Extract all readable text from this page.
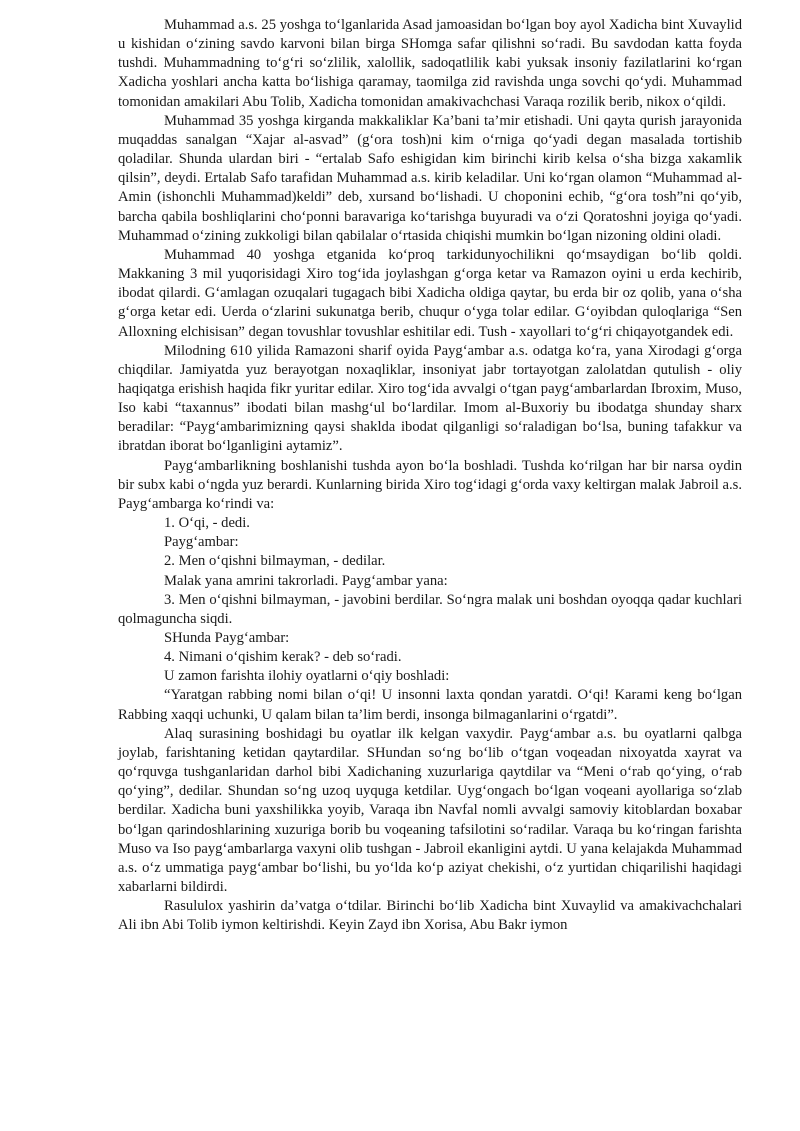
Muhammad a.s. 25 yoshga to‘lganlarida Asad jamoasidan bo‘lgan boy ayol Xadicha bint Xuvaylid u kishidan o‘zining savdo karvoni bilan birga SHomga safar qilishni so‘radi. Bu savdodan katta foyda tushdi. Muhammadning to‘g‘ri so‘zlilik, xalollik, sadoqatlilik kabi yuksak insoniy fazilatlarini ko‘rgan Xadicha yoshlari ancha katta bo‘lishiga qaramay, taomilga zid ravishda unga sovchi qo‘ydi. Muhammad tomonidan amakilari Abu Tolib, Xadicha tomonidan amakivachchasi Varaqa rozilik berib, nikox o‘qildi.

Muhammad 35 yoshga kirganda makkaliklar Ka’bani ta’mir etishadi. Uni qayta qurish jarayonida muqaddas sanalgan “Xajar al-asvad” (g‘ora tosh)ni kim o‘rniga qo‘yadi degan masalada tortishib qoladilar. Shunda ulardan biri - “ertalab Safo eshigidan kim birinchi kirib kelsa o‘sha bizga xakamlik qilsin”, deydi. Ertalab Safo tarafidan Muhammad a.s. kirib keladilar. Uni ko‘rgan olamon “Muhammad al-Amin (ishonchli Muhammad)keldi” deb, xursand bo‘lishadi. U choponini echib, “g‘ora tosh”ni qo‘yib, barcha qabila boshliqlarini cho‘ponni baravariga ko‘tarishga buyuradi va o‘zi Qoratoshni joyiga qo‘yadi. Muhammad o‘zining zukkoligi bilan qabilalar o‘rtasida chiqishi mumkin bo‘lgan nizoning oldini oladi.

Muhammad 40 yoshga etganida ko‘proq tarkidunyochilikni qo‘msaydigan bo‘lib qoldi. Makkaning 3 mil yuqorisidagi Xiro tog‘ida joylashgan g‘orga ketar va Ramazon oyini u erda kechirib, ibodat qilardi. G‘amlagan ozuqalari tugagach bibi Xadicha oldiga qaytar, bu erda bir oz qolib, yana o‘sha g‘orga ketar edi. Uerda o‘zlarini sukunatga berib, chuqur o‘yga tolar edilar. G‘oyibdan quloqlariga “Sen Alloxning elchisisan” degan tovushlar tovushlar eshitilar edi. Tush - xayollari to‘g‘ri chiqayotgandek edi.

Milodning 610 yilida Ramazoni sharif oyida Payg‘ambar a.s. odatga ko‘ra, yana Xirodagi g‘orga chiqdilar. Jamiyatda yuz berayotgan noxaqliklar, insoniyat jabr tortayotgan zalolatdan qutulish - oliy haqiqatga erishish haqida fikr yuritar edilar. Xiro tog‘ida avvalgi o‘tgan payg‘ambarlardan Ibroxim, Muso, Iso kabi “taxannus” ibodati bilan mashg‘ul bo‘lardilar. Imom al-Buxoriy bu ibodatga shunday sharx beradilar: “Payg‘ambarimizning qaysi shaklda ibodat qilganligi so‘raladigan bo‘lsa, buning tafakkur va ibratdan iborat bo‘lganligini aytamiz”.

Payg‘ambarlikning boshlanishi tushda ayon bo‘la boshladi. Tushda ko‘rilgan har bir narsa oydin bir subx kabi o‘ngda yuz berardi. Kunlarning birida Xiro tog‘idagi g‘orda vaxy keltirgan malak Jabroil a.s. Payg‘ambarga ko‘rindi va:

1. O‘qi, - dedi.

Payg‘ambar:

2. Men o‘qishni bilmayman, - dedilar.

Malak yana amrini takrorladi. Payg‘ambar yana:

3. Men o‘qishni bilmayman, - javobini berdilar. So‘ngra malak uni boshdan oyoqqa qadar kuchlari qolmaguncha siqdi.

SHunda Payg‘ambar:

4. Nimani o‘qishim kerak? - deb so‘radi.

U zamon farishta ilohiy oyatlarni o‘qiy boshladi:

“Yaratgan rabbing nomi bilan o‘qi! U insonni laxta qondan yaratdi. O‘qi! Karami keng bo‘lgan Rabbing xaqqi uchunki, U qalam bilan ta’lim berdi, insonga bilmaganlarini o‘rgatdi”.

Alaq surasining boshidagi bu oyatlar ilk kelgan vaxydir. Payg‘ambar a.s. bu oyatlarni qalbga joylab, farishtaning ketidan qaytardilar. SHundan so‘ng bo‘lib o‘tgan voqeadan nixoyatda xayrat va qo‘rquvga tushganlaridan darhol bibi Xadichaning xuzurlariga qaytdilar va “Meni o‘rab qo‘ying, o‘rab qo‘ying”, dedilar. Shundan so‘ng uzoq uyquga ketdilar. Uyg‘ongach bo‘lgan voqeani ayollariga so‘zlab berdilar. Xadicha buni yaxshilikka yoyib, Varaqa ibn Navfal nomli avvalgi samoviy kitoblardan boxabar bo‘lgan qarindoshlarining xuzuriga borib bu voqeaning tafsilotini so‘radilar. Varaqa bu ko‘ringan farishta Muso va Iso payg‘ambarlarga vaxyni olib tushgan - Jabroil ekanligini aytdi. U yana kelajakda Muhammad a.s. o‘z ummatiga payg‘ambar bo‘lishi, bu yo‘lda ko‘p aziyat chekishi, o‘z yurtidan chiqarilishi haqidagi xabarlarni bildirdi.

Rasululox yashirin da’vatga o‘tdilar. Birinchi bo‘lib Xadicha bint Xuvaylid va amakivachchalari Ali ibn Abi Tolib iymon keltirishdi. Keyin Zayd ibn Xorisa, Abu Bakr iymon
